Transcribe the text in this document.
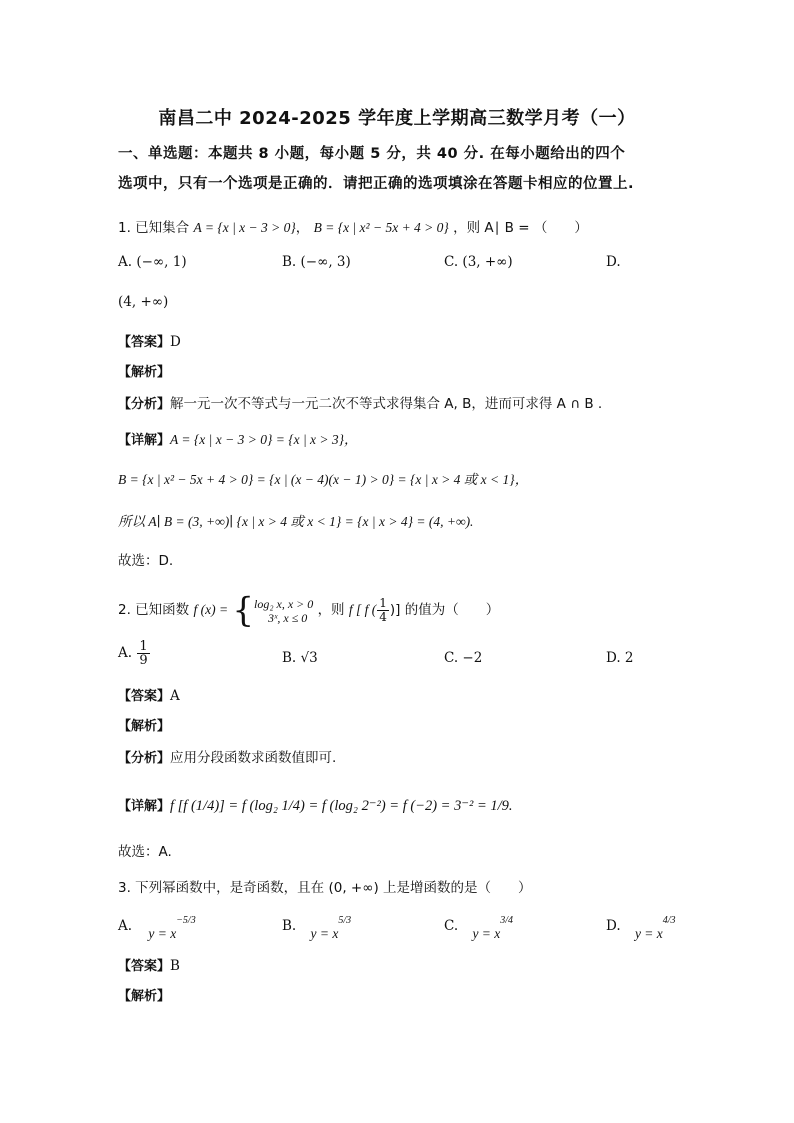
南昌二中 2024-2025 学年度上学期高三数学月考（一）
一、单选题：本题共 8 小题，每小题 5 分，共 40 分. 在每小题给出的四个
选项中，只有一个选项是正确的．请把正确的选项填涂在答题卡相应的位置上.
1. 已知集合 A = {x | x − 3 > 0}， B = {x | x² − 5x + 4 > 0} ，则 A∣ B = （　　）
A. (−∞, 1)	B. (−∞, 3)	C. (3, +∞)	D.
(4, +∞)
【答案】D
【解析】
【分析】解一元一次不等式与一元二次不等式求得集合 A, B，进而可求得 A ∩ B .
【详解】A = {x | x − 3 > 0} = {x | x > 3}，
B = {x | x² − 5x + 4 > 0} = {x | (x − 4)(x − 1) > 0} = {x | x > 4 或 x < 1}，
所以 A∣ B = (3, +∞)∣ {x | x > 4 或 x < 1} = {x | x > 4} = (4, +∞).
故选：D.
2. 已知函数 f (x) = { log₂ x, x > 0
3ˣ, x ≤ 0 ，则 f [ f ( $\frac{1}{4}$ )] 的值为（　　）
A. $\frac{1}{9}$	B. √3	C. −2	D. 2
【答案】A
【解析】
【分析】应用分段函数求函数值即可.
【详解】f [f (1/4)] = f (log₂ 1/4) = f (log₂ 2⁻²) = f (−2) = 3⁻² = 1/9.
故选：A.
3. 下列幂函数中，是奇函数，且在 (0, +∞) 上是增函数的是（　　）
A. $y = x^{-5/3}$	B. $y = x^{5/3}$	C. $y = x^{3/4}$	D. $y = x^{4/3}$
【答案】B
【解析】
